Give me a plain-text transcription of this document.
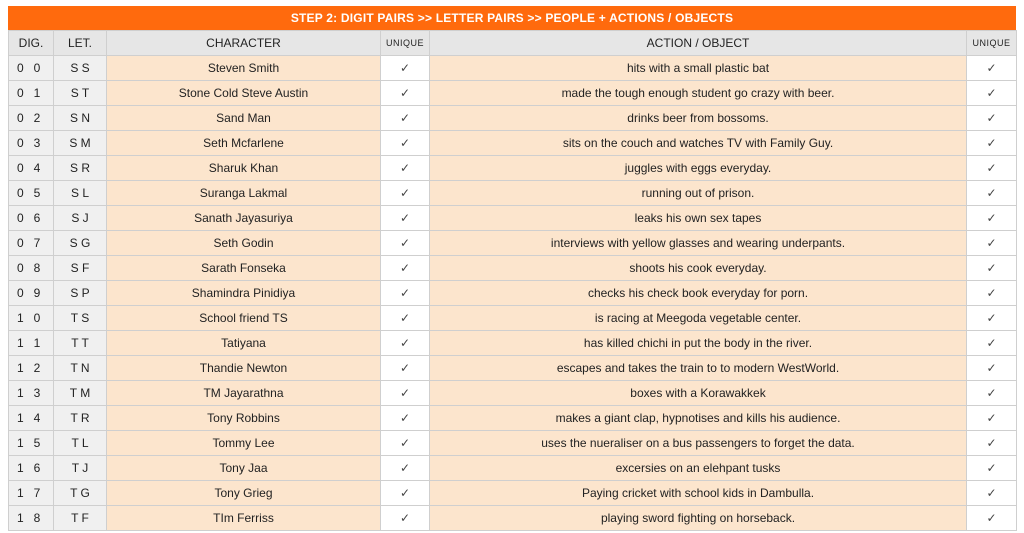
STEP 2: DIGIT PAIRS >> LETTER PAIRS >> PEOPLE + ACTIONS / OBJECTS
DIG.	LET.	CHARACTER	UNIQUE	ACTION / OBJECT	UNIQUE
0   0	S S	Steven Smith	✓	hits with a small plastic bat	✓
0   1	S T	Stone Cold Steve Austin	✓	made the tough enough student go crazy with beer.	✓
0   2	S N	Sand Man	✓	drinks beer from bossoms.	✓
0   3	S M	Seth Mcfarlene	✓	sits on the couch and watches TV with Family Guy.	✓
0   4	S R	Sharuk Khan	✓	juggles with eggs everyday.	✓
0   5	S L	Suranga Lakmal	✓	running out of prison.	✓
0   6	S J	Sanath Jayasuriya	✓	leaks his own sex tapes	✓
0   7	S G	Seth Godin	✓	interviews with yellow glasses and wearing underpants.	✓
0   8	S F	Sarath Fonseka	✓	shoots his cook everyday.	✓
0   9	S P	Shamindra Pinidiya	✓	checks his check book everyday for porn.	✓
1   0	T S	School friend TS	✓	is racing at Meegoda vegetable center.	✓
1   1	T T	Tatiyana	✓	has killed chichi in put the body in the river.	✓
1   2	T N	Thandie Newton	✓	escapes and takes the train to to modern WestWorld.	✓
1   3	T M	TM Jayarathna	✓	boxes with a Korawakkek	✓
1   4	T R	Tony Robbins	✓	makes a giant clap, hypnotises and kills his audience.	✓
1   5	T L	Tommy Lee	✓	uses the nueraliser on a bus passengers to forget the data.	✓
1   6	T J	Tony Jaa	✓	excersies on an elehpant tusks	✓
1   7	T G	Tony Grieg	✓	Paying cricket with school kids in Dambulla.	✓
1   8	T F	TIm Ferriss	✓	playing sword fighting on horseback.	✓
